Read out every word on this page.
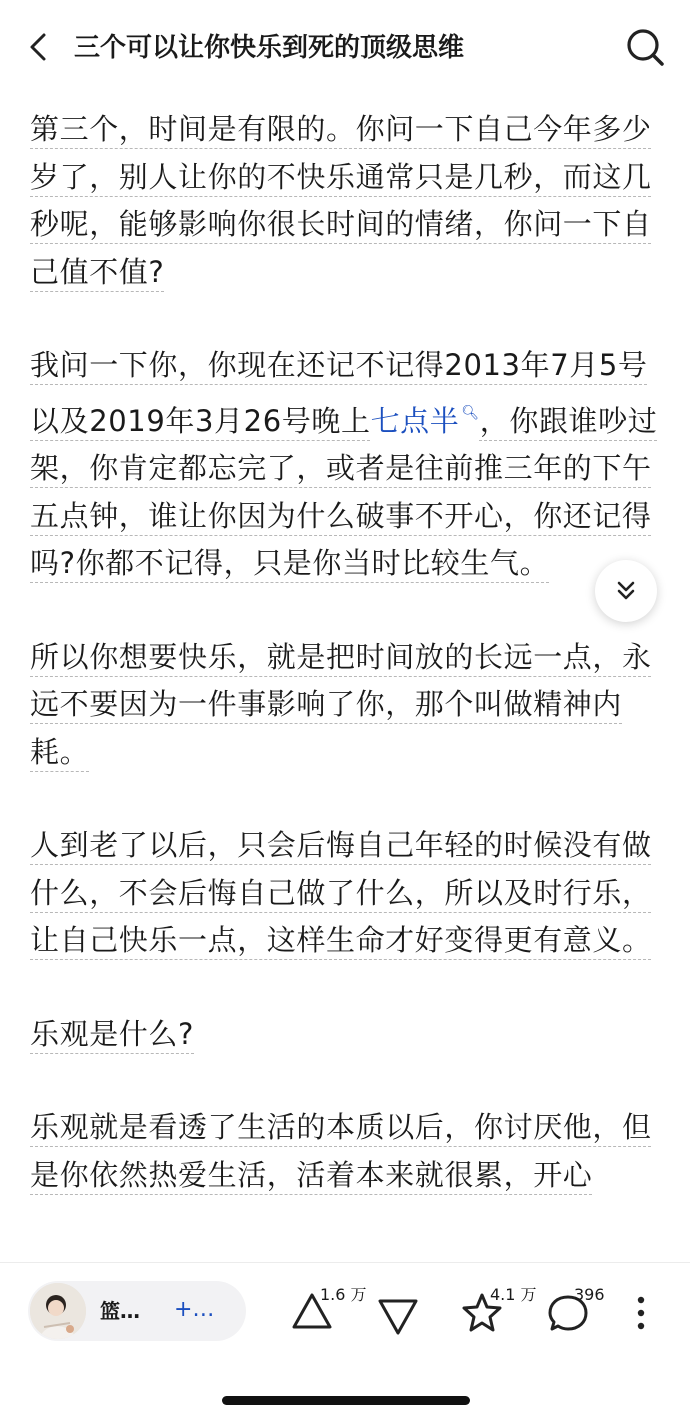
三个可以让你快乐到死的顶级思维

第三个，时间是有限的。你问一下自己今年多少岁了，别人让你的不快乐通常只是几秒，而这几秒呢，能够影响你很长时间的情绪，你问一下自己值不值?

我问一下你，你现在还记不记得2013年7月5号以及2019年3月26号晚上七点半 🔍︎，你跟谁吵过架，你肯定都忘完了，或者是往前推三年的下午五点钟，谁让你因为什么破事不开心，你还记得吗?你都不记得，只是你当时比较生气。

所以你想要快乐，就是把时间放的长远一点，永远不要因为一件事影响了你，那个叫做精神内耗。

人到老了以后，只会后悔自己年轻的时候没有做什么，不会后悔自己做了什么，所以及时行乐，让自己快乐一点，这样生命才好变得更有意义。

乐观是什么?

乐观就是看透了生活的本质以后，你讨厌他，但是你依然热爱生活，活着本来就很累，开心

篮… +…
1.6 万	4.1 万 396
